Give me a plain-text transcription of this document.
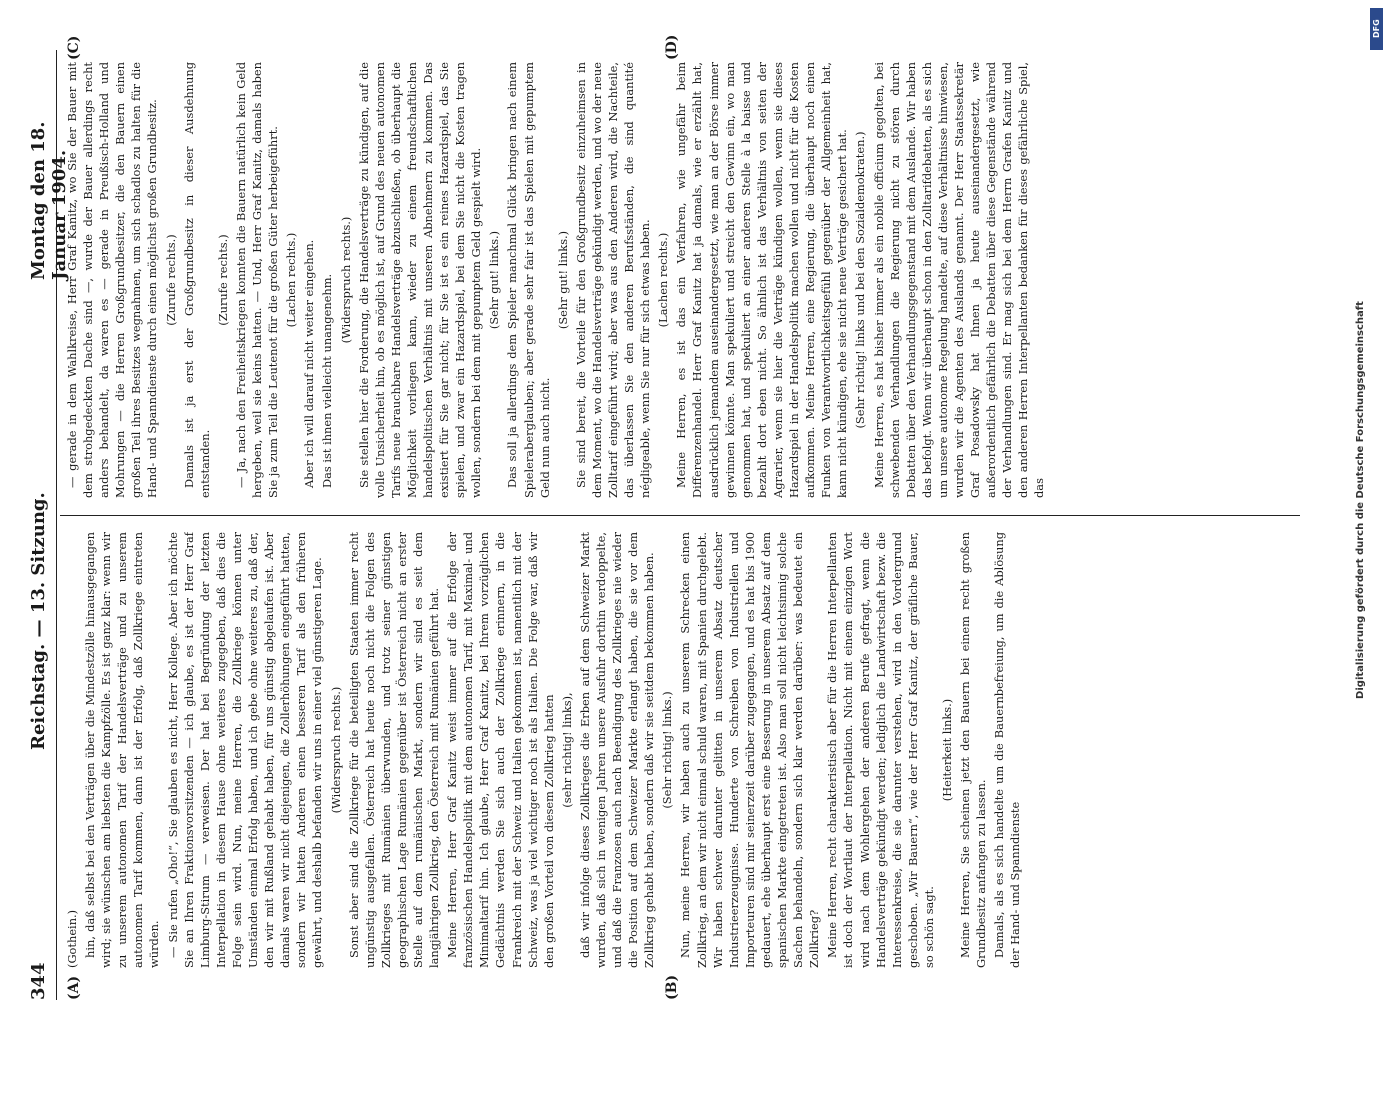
344
Reichstag. — 13. Sitzung.
Montag den 18. Januar 1904.
(A)	(B)
(C)	(D)

(Gothein.) hin, daß selbst bei den Verträgen über die Mindestzölle hinausgegangen wird; sie wünschen am liebsten die Kampfzölle. Es ist ganz klar: wenn wir zu unserem autonomen Tarif der Handelsverträge und zu unserem autonomen Tarif kommen, dann ist der Erfolg, daß Zollkriege eintreten würden. — Sie rufen „Oho!“, Sie glauben es nicht, Herr Kollege. Aber ich möchte Sie an Ihren Fraktionsvorsitzenden — ich glaube, es ist der Herr Graf Limburg-Stirum — verweisen. Der hat bei Begründung der letzten Interpellation in diesem Hause ohne weiteres zugegeben, daß dies die Folge sein wird. Nun, meine Herren, die Zollkriege können unter Umständen einmal Erfolg haben, und ich gebe ohne weiteres zu, daß der, den wir mit Rußland gehabt haben, für uns günstig abgelaufen ist. Aber damals waren wir nicht diejenigen, die Zollerhöhungen eingeführt hatten, sondern wir hatten Anderen einen besseren Tarif als den früheren gewährt, und deshalb befanden wir uns in einer viel günstigeren Lage. (Widerspruch rechts.) Sonst aber sind die Zollkriege für die beteiligten Staaten immer recht ungünstig ausgefallen. Österreich hat heute noch nicht die Folgen des Zollkrieges mit Rumänien überwunden, und trotz seiner günstigen geographischen Lage Rumänien gegenüber ist Österreich nicht an erster Stelle auf dem rumänischen Markt, sondern wir sind es seit dem langjährigen Zollkrieg, den Österreich mit Rumänien geführt hat. Meine Herren, Herr Graf Kanitz weist immer auf die Erfolge der französischen Handelspolitik mit dem autonomen Tarif, mit Maximal- und Minimaltarif hin. Ich glaube, Herr Graf Kanitz, bei Ihrem vorzüglichen Gedächtnis werden Sie sich auch der Zollkriege erinnern, in die Frankreich mit der Schweiz und Italien gekommen ist, namentlich mit der Schweiz, was ja viel wichtiger noch ist als Italien. Die Folge war, daß wir den großen Vorteil von diesem Zollkrieg hatten (sehr richtig! links), daß wir infolge dieses Zollkrieges die Erben auf dem Schweizer Markt wurden, daß sich in wenigen Jahren unsere Ausfuhr dorthin verdoppelte, und daß die Franzosen auch nach Beendigung des Zollkrieges nie wieder die Position auf dem Schweizer Markte erlangt haben, die sie vor dem Zollkrieg gehabt haben, sondern daß wir sie seitdem bekommen haben. (Sehr richtig! links.) Nun, meine Herren, wir haben auch zu unserem Schrecken einen Zollkrieg, an dem wir nicht einmal schuld waren, mit Spanien durchgelebt. Wir haben schwer darunter gelitten in unserem Absatz deutscher Industrieerzeugnisse. Hunderte von Schreiben von Industriellen und Importeuren sind mir seinerzeit darüber zugegangen, und es hat bis 1900 gedauert, ehe überhaupt erst eine Besserung in unserem Absatz auf dem spanischen Markte eingetreten ist. Also man soll nicht leichtsinnig solche Sachen behandeln, sondern sich klar werden darüber: was bedeutet ein Zollkrieg? Meine Herren, recht charakteristisch aber für die Herren Interpellanten ist doch der Wortlaut der Interpellation. Nicht mit einem einzigen Wort wird nach dem Wohlergehen der anderen Berufe gefragt, wenn die Handelsverträge gekündigt werden; lediglich die Landwirtschaft bezw. die Interessenkreise, die sie darunter verstehen, wird in den Vordergrund geschoben. „Wir Bauern“, wie der Herr Graf Kanitz, der gräfliche Bauer, so schön sagt.

(Heiterkeit links.) Meine Herren, Sie scheinen jetzt den Bauern bei einem recht großen Grundbesitz anfangen zu lassen. Damals, als es sich handelte um die Bauernbefreiung, um die Ablösung der Hand- und Spanndienste

— gerade in dem Wahlkreise, Herr Graf Kanitz, wo Sie der Bauer mit dem strohgedeckten Dache sind —, wurde der Bauer allerdings recht anders behandelt, da waren es — gerade in Preußisch-Holland und Mohrungen — die Herren Großgrundbesitzer, die den Bauern einen großen Teil ihres Besitzes wegnahmen, um sich schadlos zu halten für die Hand- und Spanndienste durch einen möglichst großen Grundbesitz. (Zurufe rechts.) Damals ist ja erst der Großgrundbesitz in dieser Ausdehnung entstanden.

(Zurufe rechts.) — Ja, nach den Freiheitskriegen konnten die Bauern natürlich kein Geld hergeben, weil sie keins hatten. — Und, Herr Graf Kanitz, damals haben Sie ja zum Teil die Leutenot für die großen Güter herbeigeführt. (Lachen rechts.) Aber ich will darauf nicht weiter eingehen. Das ist ihnen vielleicht unangenehm. (Widerspruch rechts.) Sie stellen hier die Forderung, die Handelsverträge zu kündigen, auf die volle Unsicherheit hin, ob es möglich ist, auf Grund des neuen autonomen Tarifs neue brauchbare Handelsverträge abzuschließen, ob überhaupt die Möglichkeit vorliegen kann, wieder zu einem freundschaftlichen handelspolitischen Verhältnis mit unseren Abnehmern zu kommen. Das existiert für Sie gar nicht; für Sie ist es ein reines Hazardspiel, das Sie spielen, und zwar ein Hazardspiel, bei dem Sie nicht die Kosten tragen wollen, sondern bei dem mit gepumptem Geld gespielt wird. (Sehr gut! links.) Das soll ja allerdings dem Spieler manchmal Glück bringen nach einem Spieleraberglauben; aber gerade sehr fair ist das Spielen mit gepumptem Geld nun auch nicht.

(Sehr gut! links.) Sie sind bereit, die Vorteile für den Großgrundbesitz einzuheimsen in dem Moment, wo die Handelsverträge gekündigt werden, und wo der neue Zolltarif eingeführt wird; aber was aus den Anderen wird, die Nachteile, das überlassen Sie den anderen Berufsständen, die sind quantité négligeable, wenn Sie nur für sich etwas haben. (Lachen rechts.) Meine Herren, es ist das ein Verfahren, wie ungefähr beim Differenzenhandel. Herr Graf Kanitz hat ja damals, wie er erzählt hat, ausdrücklich jemandem auseinandergesetzt, wie man an der Börse immer gewinnen könnte. Man spekuliert und streicht den Gewinn ein, wo man genommen hat, und spekuliert an einer anderen Stelle à la baisse und bezahlt dort eben nicht. So ähnlich ist das Verhältnis von seiten der Agrarier, wenn sie hier die Verträge kündigen wollen, wenn sie dieses Hazardspiel in der Handelspolitik machen wollen und nicht für die Kosten aufkommen. Meine Herren, eine Regierung, die überhaupt noch einen Funken von Verantwortlichkeitsgefühl gegenüber der Allgemeinheit hat, kann nicht kündigen, ehe sie nicht neue Verträge gesichert hat. (Sehr richtig! links und bei den Sozialdemokraten.) Meine Herren, es hat bisher immer als ein nobile officium gegolten, bei schwebenden Verhandlungen die Regierung nicht zu stören durch Debatten über den Verhandlungsgegenstand mit dem Auslande. Wir haben das befolgt. Wenn wir überhaupt schon in den Zolltarifdebatten, als es sich um unsere autonome Regelung handelte, auf diese Verhältnisse hinwiesen, wurden wir die Agenten des Auslands genannt. Der Herr Staatssekretär Graf Posadowsky hat Ihnen ja heute auseinandergesetzt, wie außerordentlich gefährlich die Debatten über diese Gegenstände während der Verhandlungen sind. Er mag sich bei dem Herrn Grafen Kanitz und den anderen Herren Interpellanten bedanken für dieses gefährliche Spiel, das	Digitalisierung gefördert durch die Deutsche Forschungsgemeinschaft
DFG
